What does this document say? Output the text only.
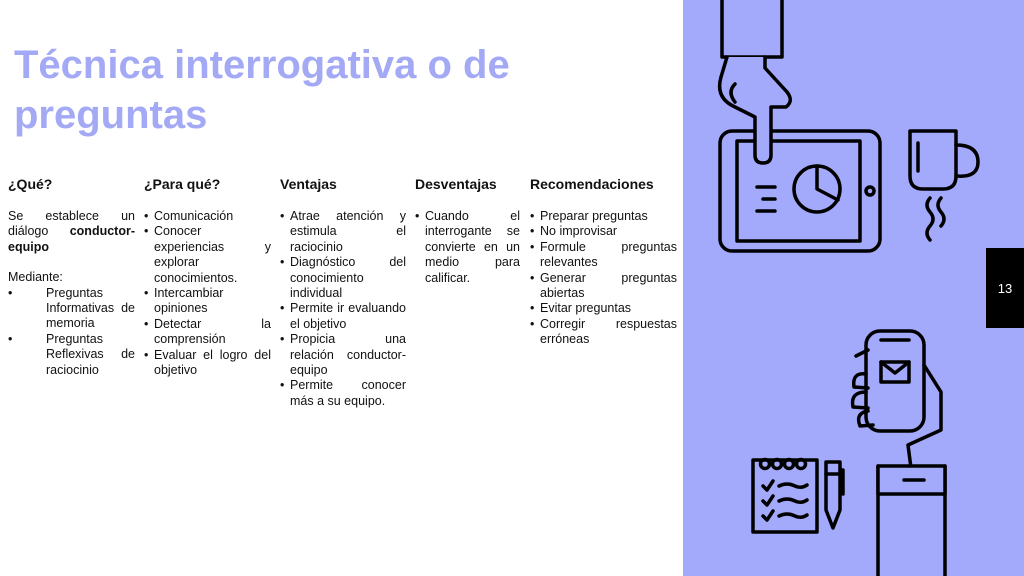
Técnica interrogativa o de preguntas
¿Qué?

Se establece un diálogo conductor-equipo

Mediante:

• Preguntas Informativas de memoria
• Preguntas Reflexivas de raciocinio
¿Para qué?
• Comunicación
• Conocer experiencias y explorar conocimientos.
• Intercambiar opiniones
• Detectar la comprensión
• Evaluar el logro del objetivo
Ventajas
• Atrae atención y estimula el raciocinio
• Diagnóstico del conocimiento individual
• Permite ir evaluando el objetivo
• Propicia una relación conductor-equipo
• Permite conocer más a su equipo.
Desventajas
• Cuando el interrogante se convierte en un medio para calificar.
Recomendaciones
• Preparar preguntas
• No improvisar
• Formule preguntas relevantes
• Generar preguntas abiertas
• Evitar preguntas
• Corregir respuestas erróneas
13
